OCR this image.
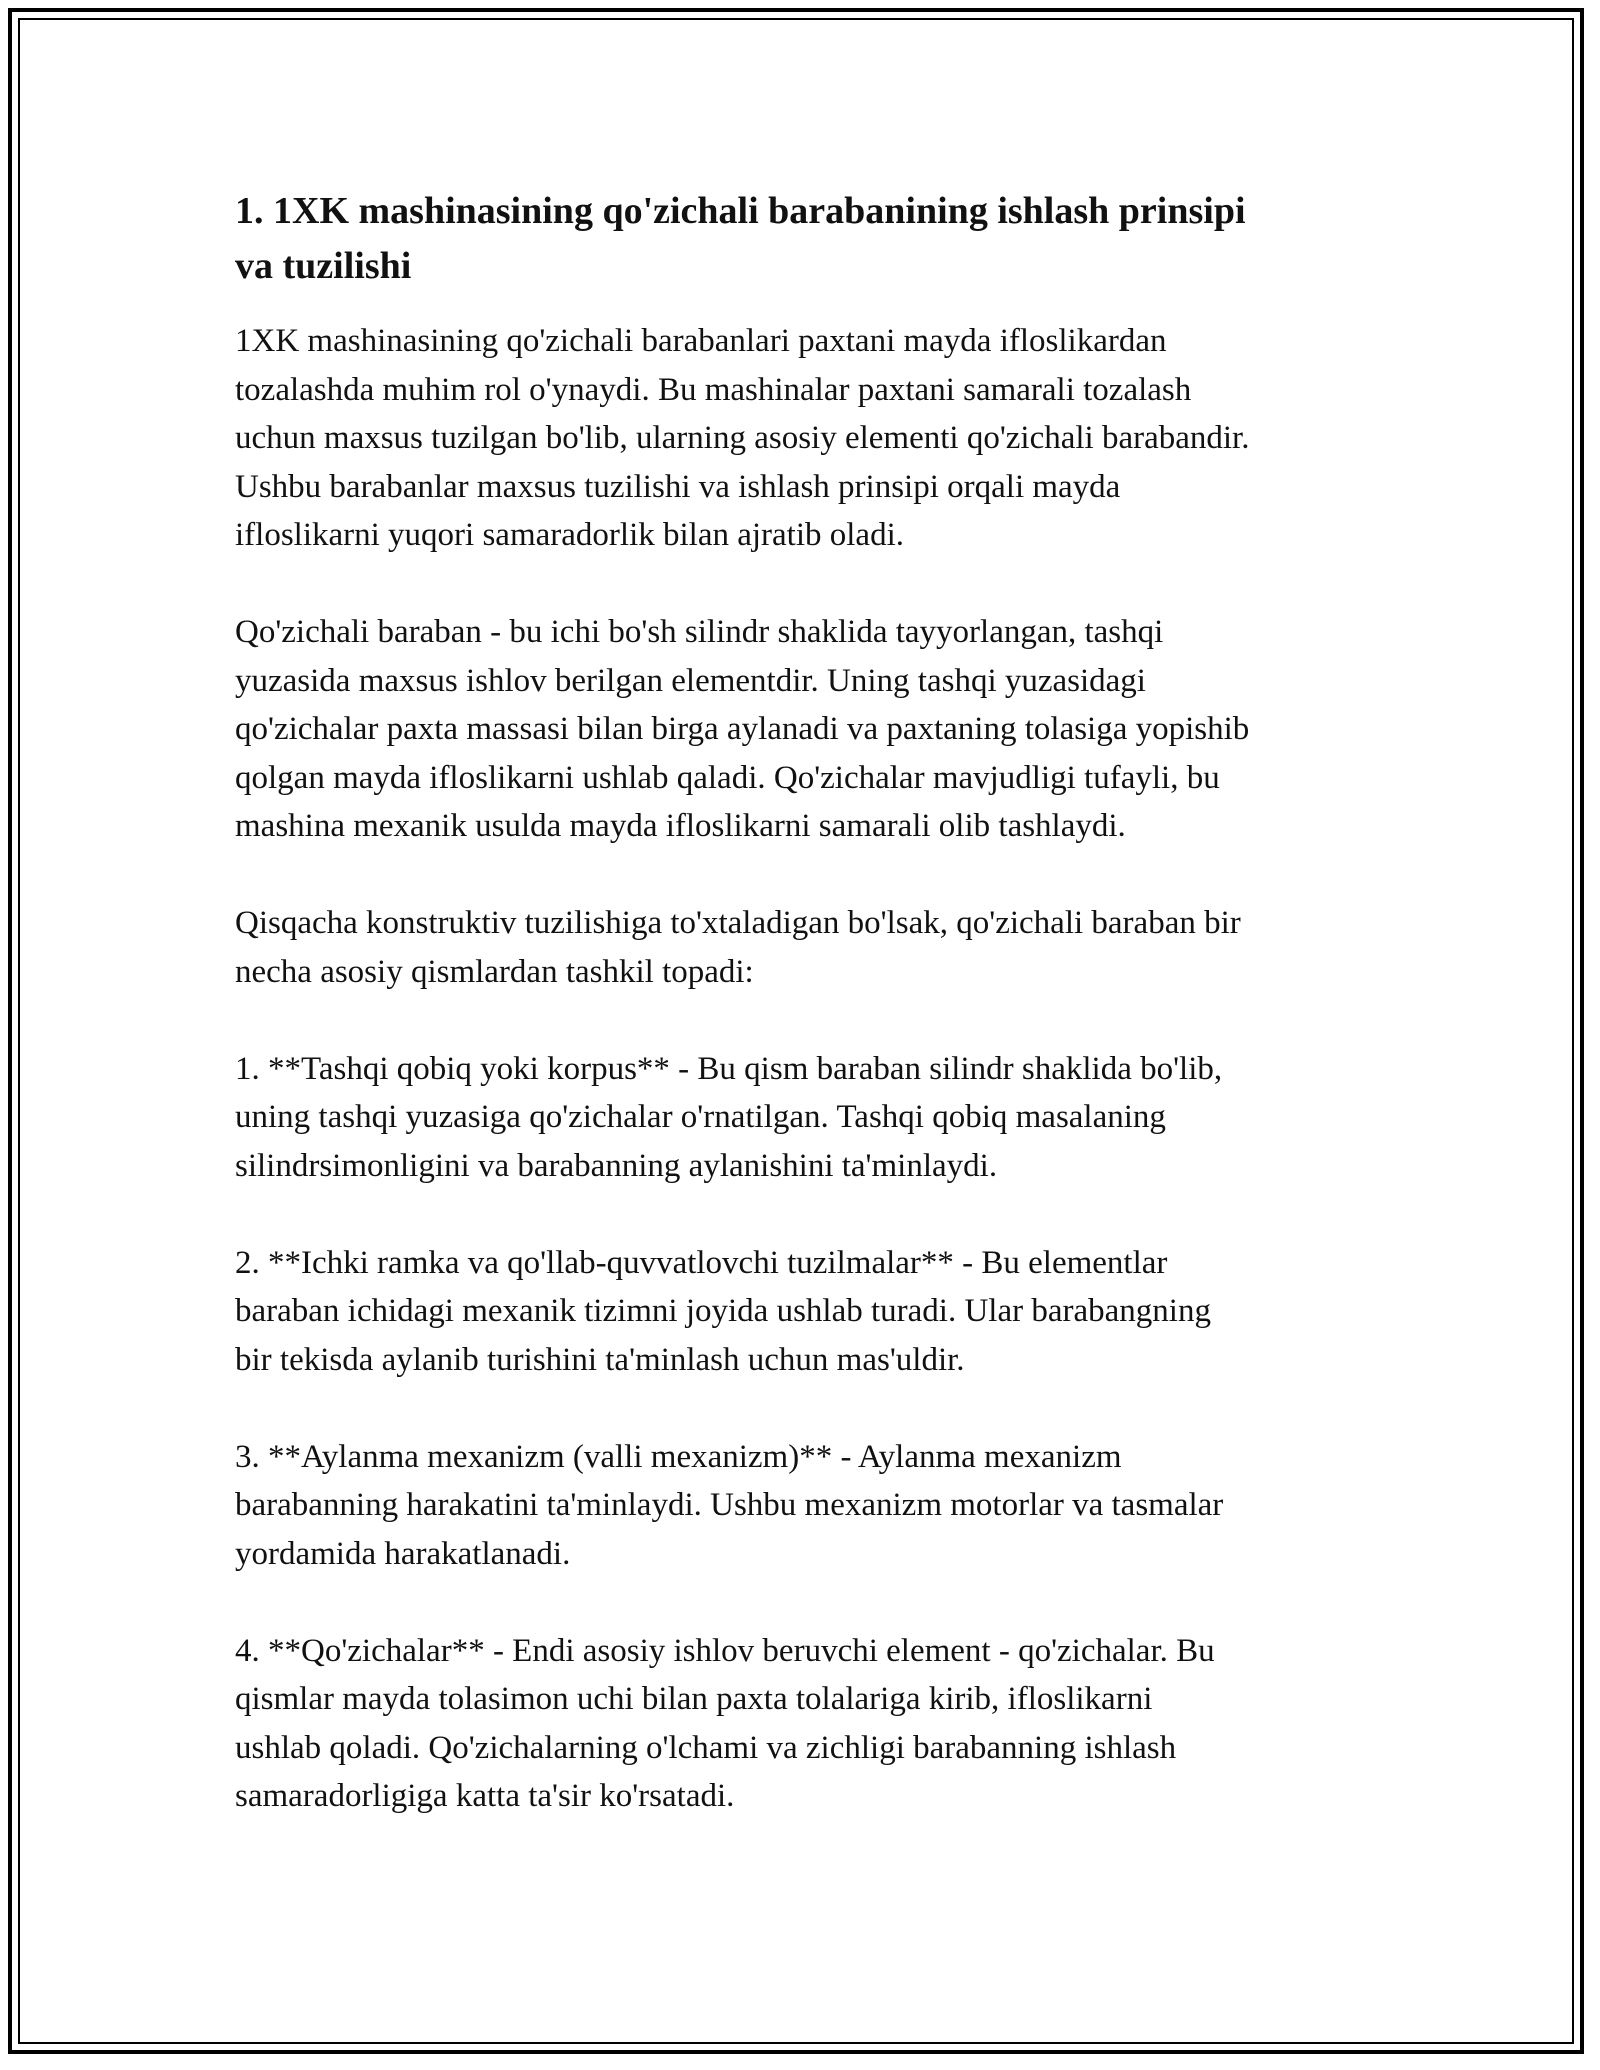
1. 1XK mashinasining qo'zichali barabanining ishlash prinsipi
va tuzilishi

1XK mashinasining qo'zichali barabanlari paxtani mayda ifloslikardan
tozalashda muhim rol o'ynaydi. Bu mashinalar paxtani samarali tozalash
uchun maxsus tuzilgan bo'lib, ularning asosiy elementi qo'zichali barabandir.
Ushbu barabanlar maxsus tuzilishi va ishlash prinsipi orqali mayda
ifloslikarni yuqori samaradorlik bilan ajratib oladi.

Qo'zichali baraban - bu ichi bo'sh silindr shaklida tayyorlangan, tashqi
yuzasida maxsus ishlov berilgan elementdir. Uning tashqi yuzasidagi
qo'zichalar paxta massasi bilan birga aylanadi va paxtaning tolasiga yopishib
qolgan mayda ifloslikarni ushlab qaladi. Qo'zichalar mavjudligi tufayli, bu
mashina mexanik usulda mayda ifloslikarni samarali olib tashlaydi.

Qisqacha konstruktiv tuzilishiga to'xtaladigan bo'lsak, qo'zichali baraban bir
necha asosiy qismlardan tashkil topadi:

1. **Tashqi qobiq yoki korpus** - Bu qism baraban silindr shaklida bo'lib,
uning tashqi yuzasiga qo'zichalar o'rnatilgan. Tashqi qobiq masalaning
silindrsimonligini va barabanning aylanishini ta'minlaydi.

2. **Ichki ramka va qo'llab-quvvatlovchi tuzilmalar** - Bu elementlar
baraban ichidagi mexanik tizimni joyida ushlab turadi. Ular barabangning
bir tekisda aylanib turishini ta'minlash uchun mas'uldir.

3. **Aylanma mexanizm (valli mexanizm)** - Aylanma mexanizm
barabanning harakatini ta'minlaydi. Ushbu mexanizm motorlar va tasmalar
yordamida harakatlanadi.

4. **Qo'zichalar** - Endi asosiy ishlov beruvchi element - qo'zichalar. Bu
qismlar mayda tolasimon uchi bilan paxta tolalariga kirib, ifloslikarni
ushlab qoladi. Qo'zichalarning o'lchami va zichligi barabanning ishlash
samaradorligiga katta ta'sir ko'rsatadi.
